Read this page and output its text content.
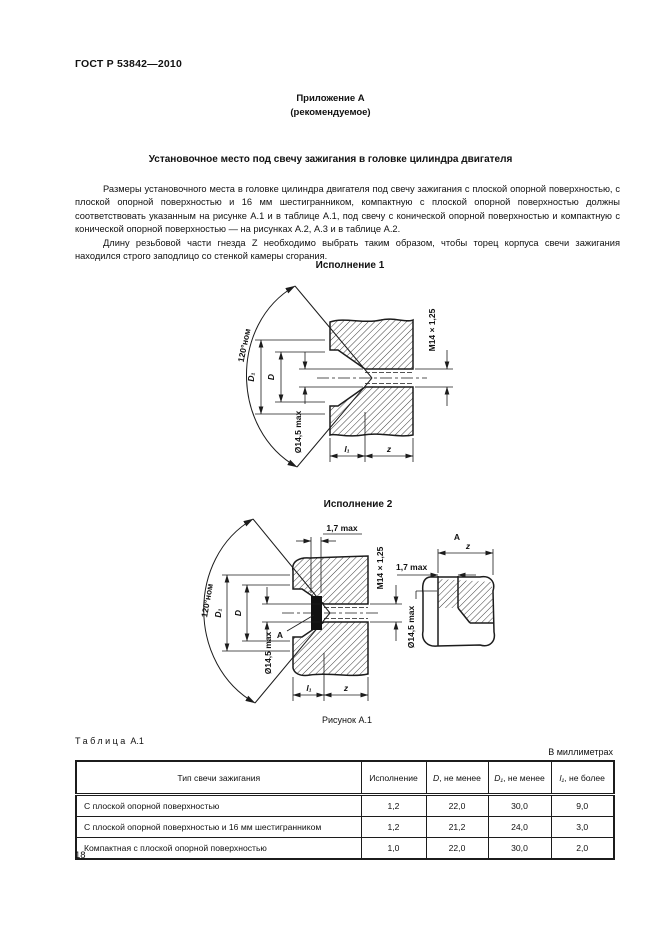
ГОСТ Р 53842—2010
Приложение А
(рекомендуемое)
Установочное место под свечу зажигания в головке цилиндра двигателя

Размеры установочного места в головке цилиндра двигателя под свечу зажигания с плоской опорной поверхностью, с плоской опорной поверхностью и 16 мм шестигранником, компактную с плоской опорной поверхностью должны соответствовать указанным на рисунке А.1 и в таблице А.1, под свечу с конической опорной поверхностью и компактную с конической опорной поверхностью — на рисунках А.2, А.3 и в таблице А.2.

Длину резьбовой части гнезда Z необходимо выбрать таким образом, чтобы торец корпуса свечи зажигания находился строго заподлицо со стенкой камеры сгорания.

Исполнение 1
120°ном
D₁ D
Ø14,5 max
M14 × 1,25
l₁	z
Исполнение 2
120°ном
А
1,7 max
D₁ D
Ø14,5 max
M14 × 1,25
l₁	z
А
z
1,7 max
Ø14,5 max
Рисунок А.1
Таблица А.1
В миллиметрах
Тип свечи зажигания	Исполнение	D, не менее	D₁, не менее	l₁, не более
С плоской опорной поверхностью	1,2	22,0	30,0	9,0
С плоской опорной поверхностью и 16 мм шестигранником	1,2	21,2	24,0	3,0
Компактная с плоской опорной поверхностью	1,0	22,0	30,0	2,0
18
